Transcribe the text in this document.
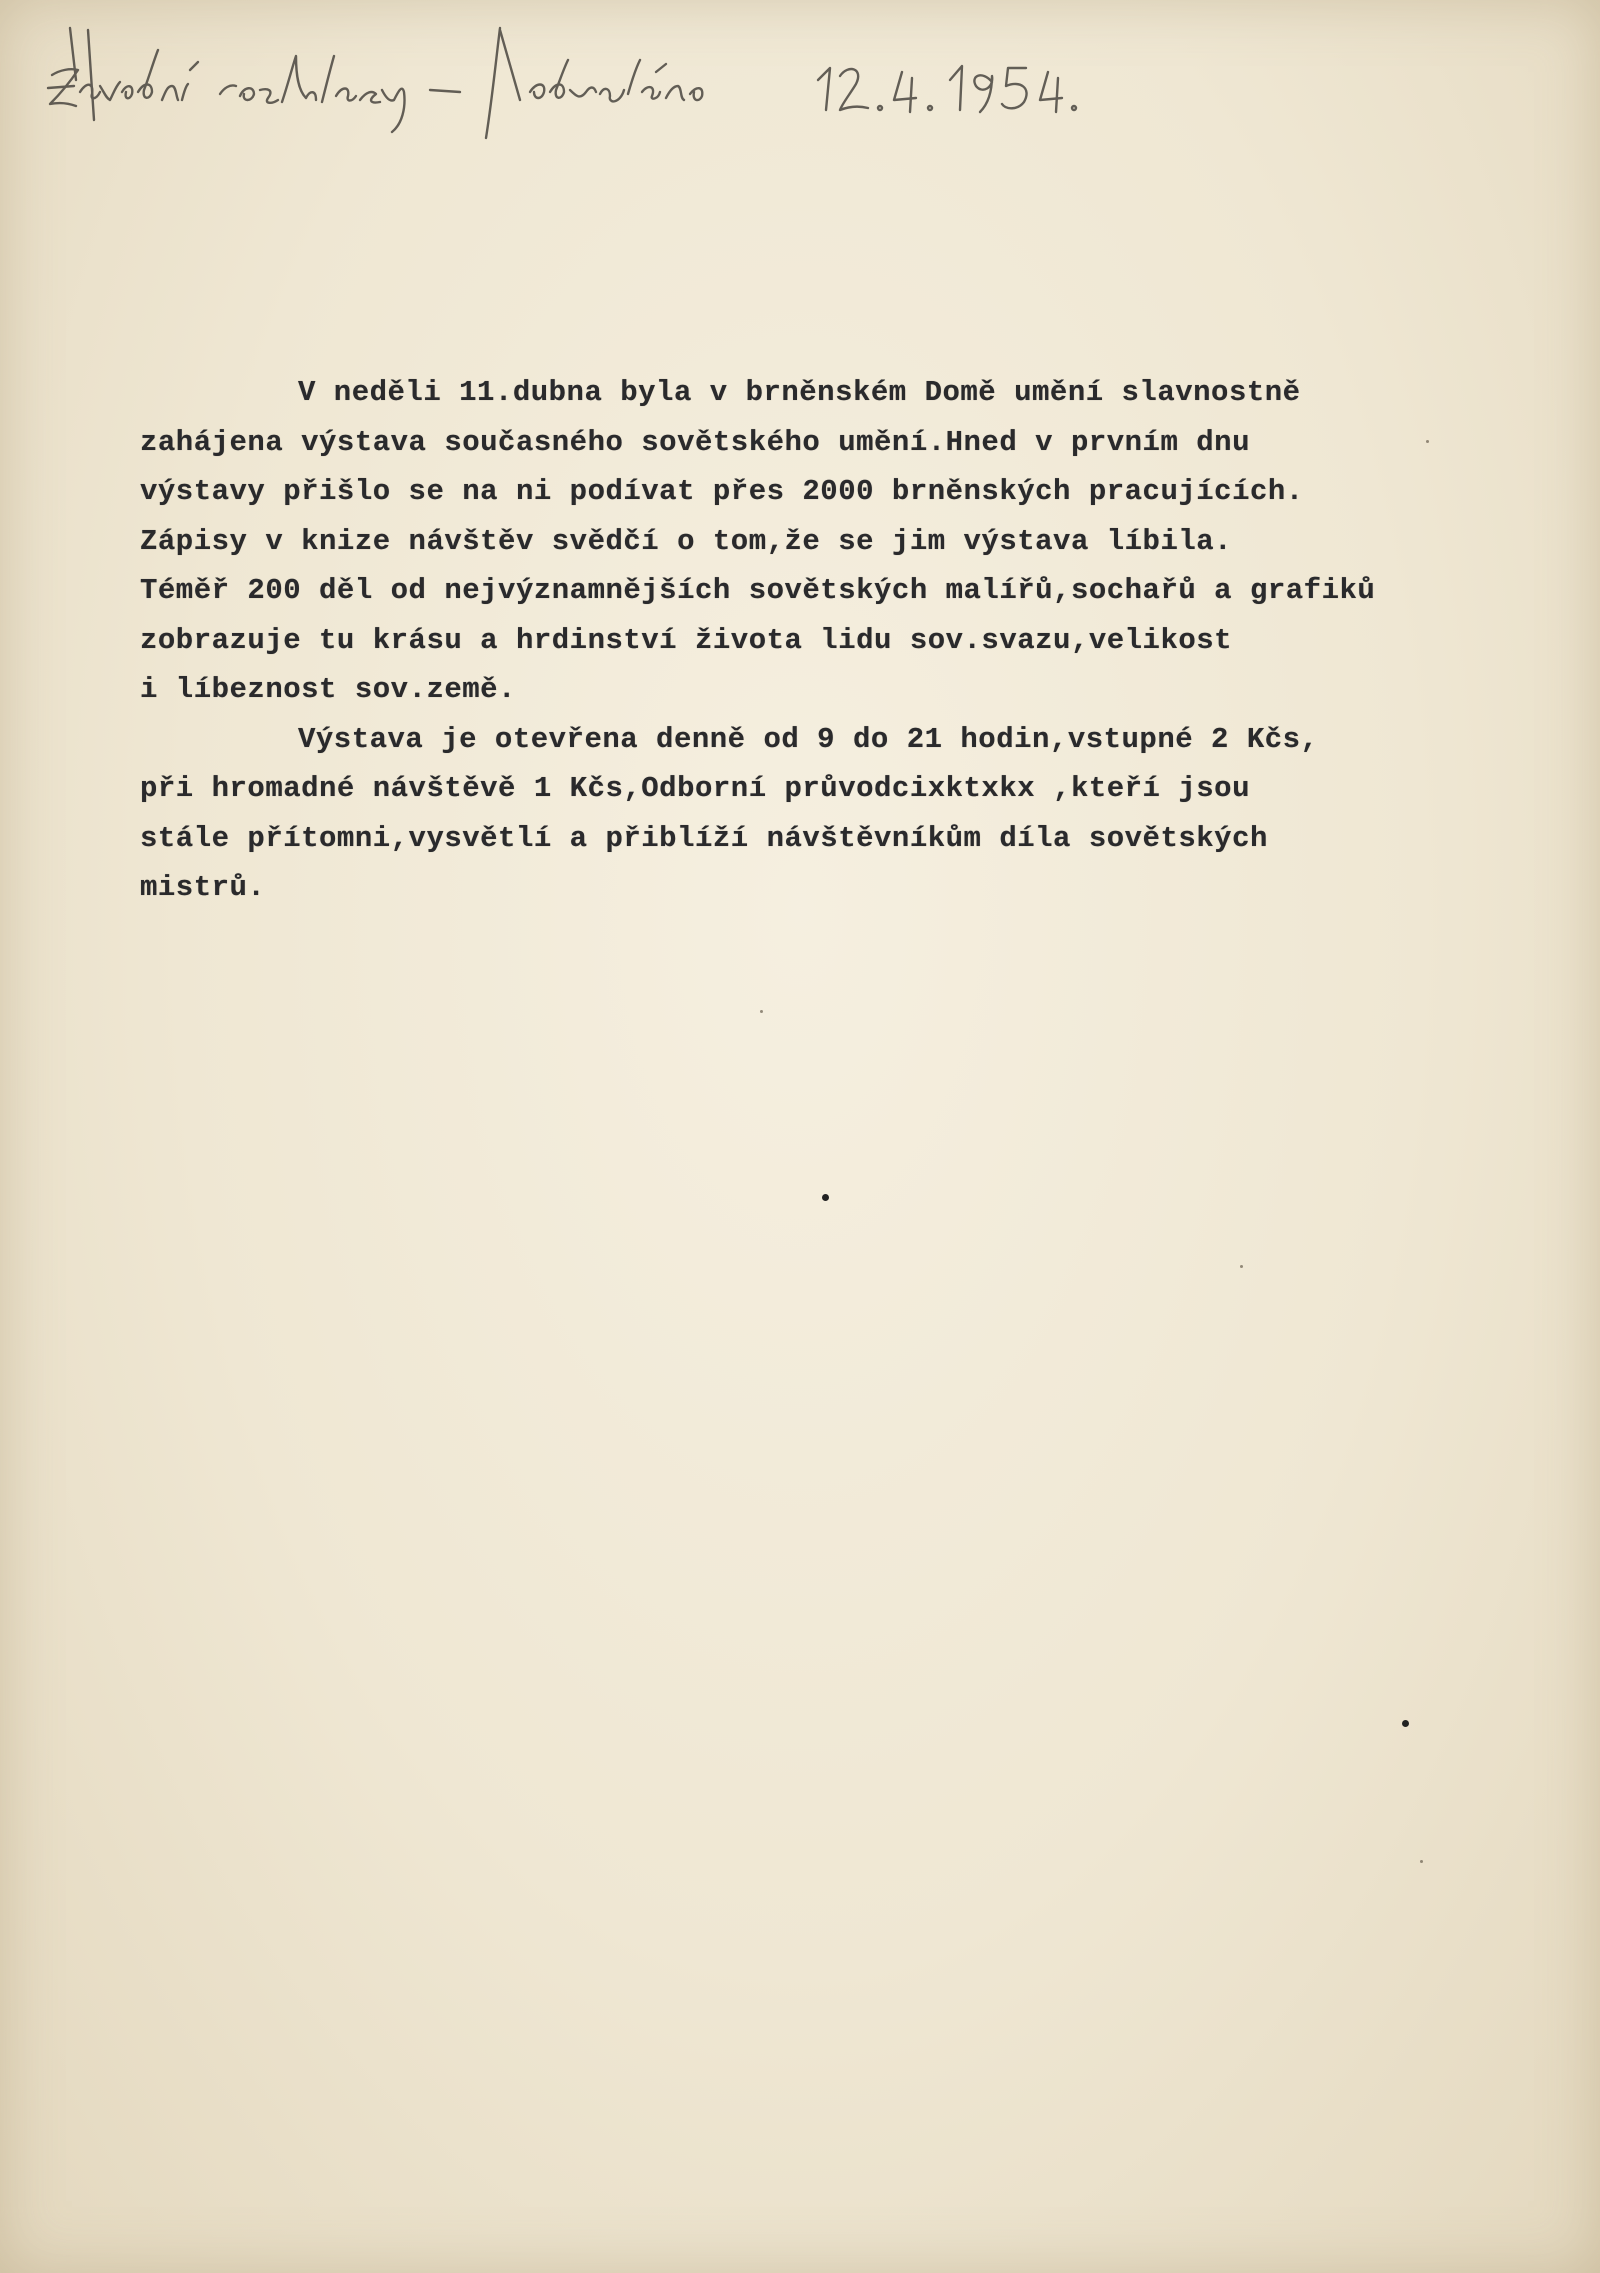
V neděli 11.dubna byla v brněnském Domě umění slavnostně
zahájena výstava současného sovětského umění.Hned v prvním dnu
výstavy přišlo se na ni podívat přes 2000 brněnských pracujících.
Zápisy v knize návštěv svědčí o tom,že se jim výstava líbila.
Téměř 200 děl od nejvýznamnějších sovětských malířů,sochařů a grafiků
zobrazuje tu krásu a hrdinství života lidu sov.svazu,velikost
i líbeznost sov.země.
Výstava je otevřena denně od 9 do 21 hodin,vstupné 2 Kčs,
při hromadné návštěvě 1 Kčs,Odborní průvodcixktxkx ,kteří jsou
stále přítomni,vysvětlí a přiblíží návštěvníkům díla sovětských
mistrů.
